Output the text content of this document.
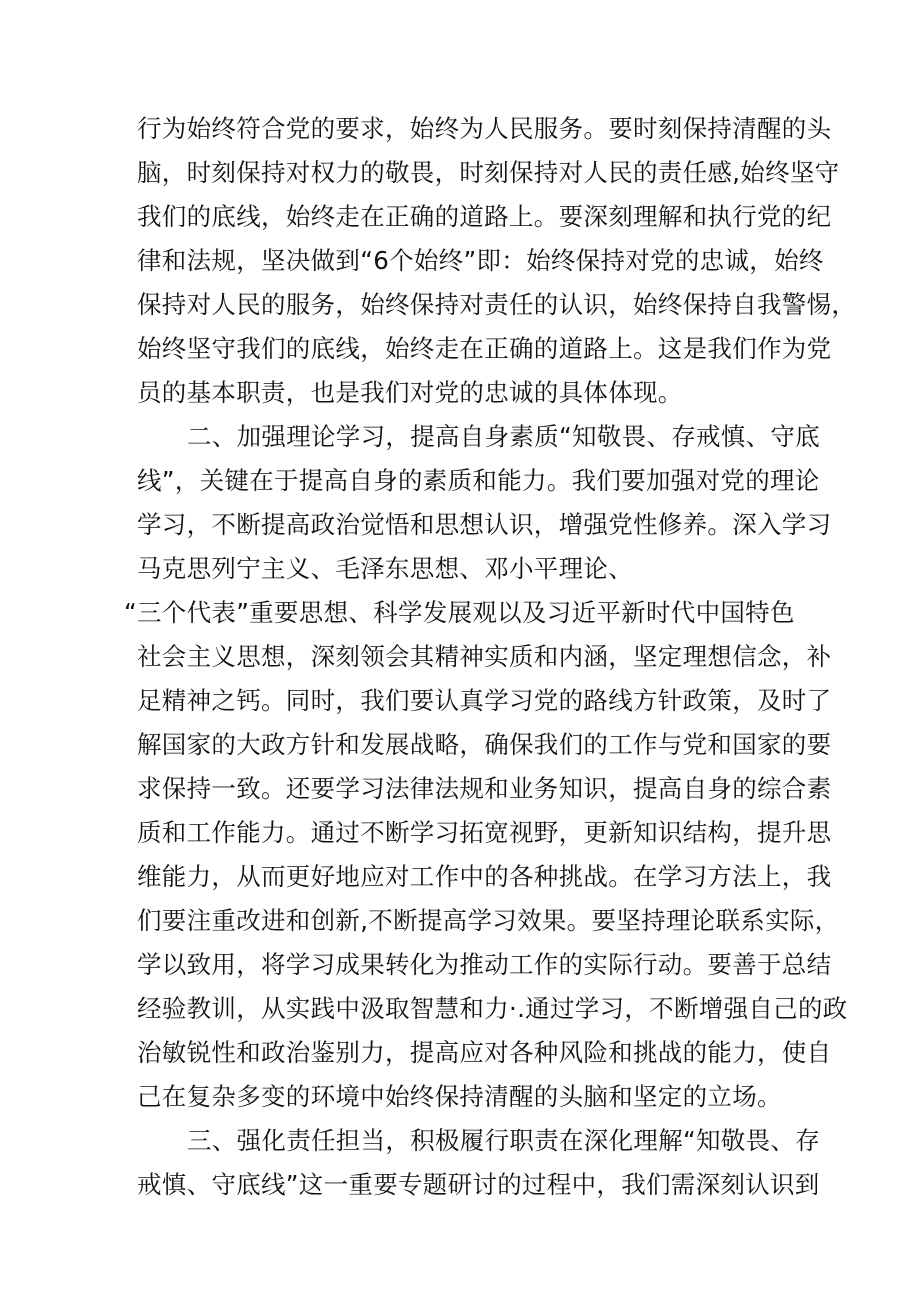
行为始终符合党的要求，始终为人民服务。要时刻保持清醒的头
脑，时刻保持对权力的敬畏，时刻保持对人民的责任感,始终坚守
我们的底线，始终走在正确的道路上。要深刻理解和执行党的纪
律和法规，坚决做到“6个始终”即：始终保持对党的忠诚，始终
保持对人民的服务，始终保持对责任的认识，始终保持自我警惕，
始终坚守我们的底线，始终走在正确的道路上。这是我们作为党
员的基本职责，也是我们对党的忠诚的具体体现。
二、加强理论学习，提高自身素质“知敬畏、存戒慎、守底
线”，关键在于提高自身的素质和能力。我们要加强对党的理论
学习，不断提高政治觉悟和思想认识，增强党性修养。深入学习
马克思列宁主义、毛泽东思想、邓小平理论、
“三个代表”重要思想、科学发展观以及习近平新时代中国特色
社会主义思想，深刻领会其精神实质和内涵，坚定理想信念，补
足精神之钙。同时，我们要认真学习党的路线方针政策，及时了
解国家的大政方针和发展战略，确保我们的工作与党和国家的要
求保持一致。还要学习法律法规和业务知识，提高自身的综合素
质和工作能力。通过不断学习拓宽视野，更新知识结构，提升思
维能力，从而更好地应对工作中的各种挑战。在学习方法上，我
们要注重改进和创新,不断提高学习效果。要坚持理论联系实际，
学以致用，将学习成果转化为推动工作的实际行动。要善于总结
经验教训，从实践中汲取智慧和力·.通过学习，不断增强自己的政
治敏锐性和政治鉴别力，提高应对各种风险和挑战的能力，使自
己在复杂多变的环境中始终保持清醒的头脑和坚定的立场。
三、强化责任担当，积极履行职责在深化理解“知敬畏、存
戒慎、守底线”这一重要专题研讨的过程中，我们需深刻认识到
